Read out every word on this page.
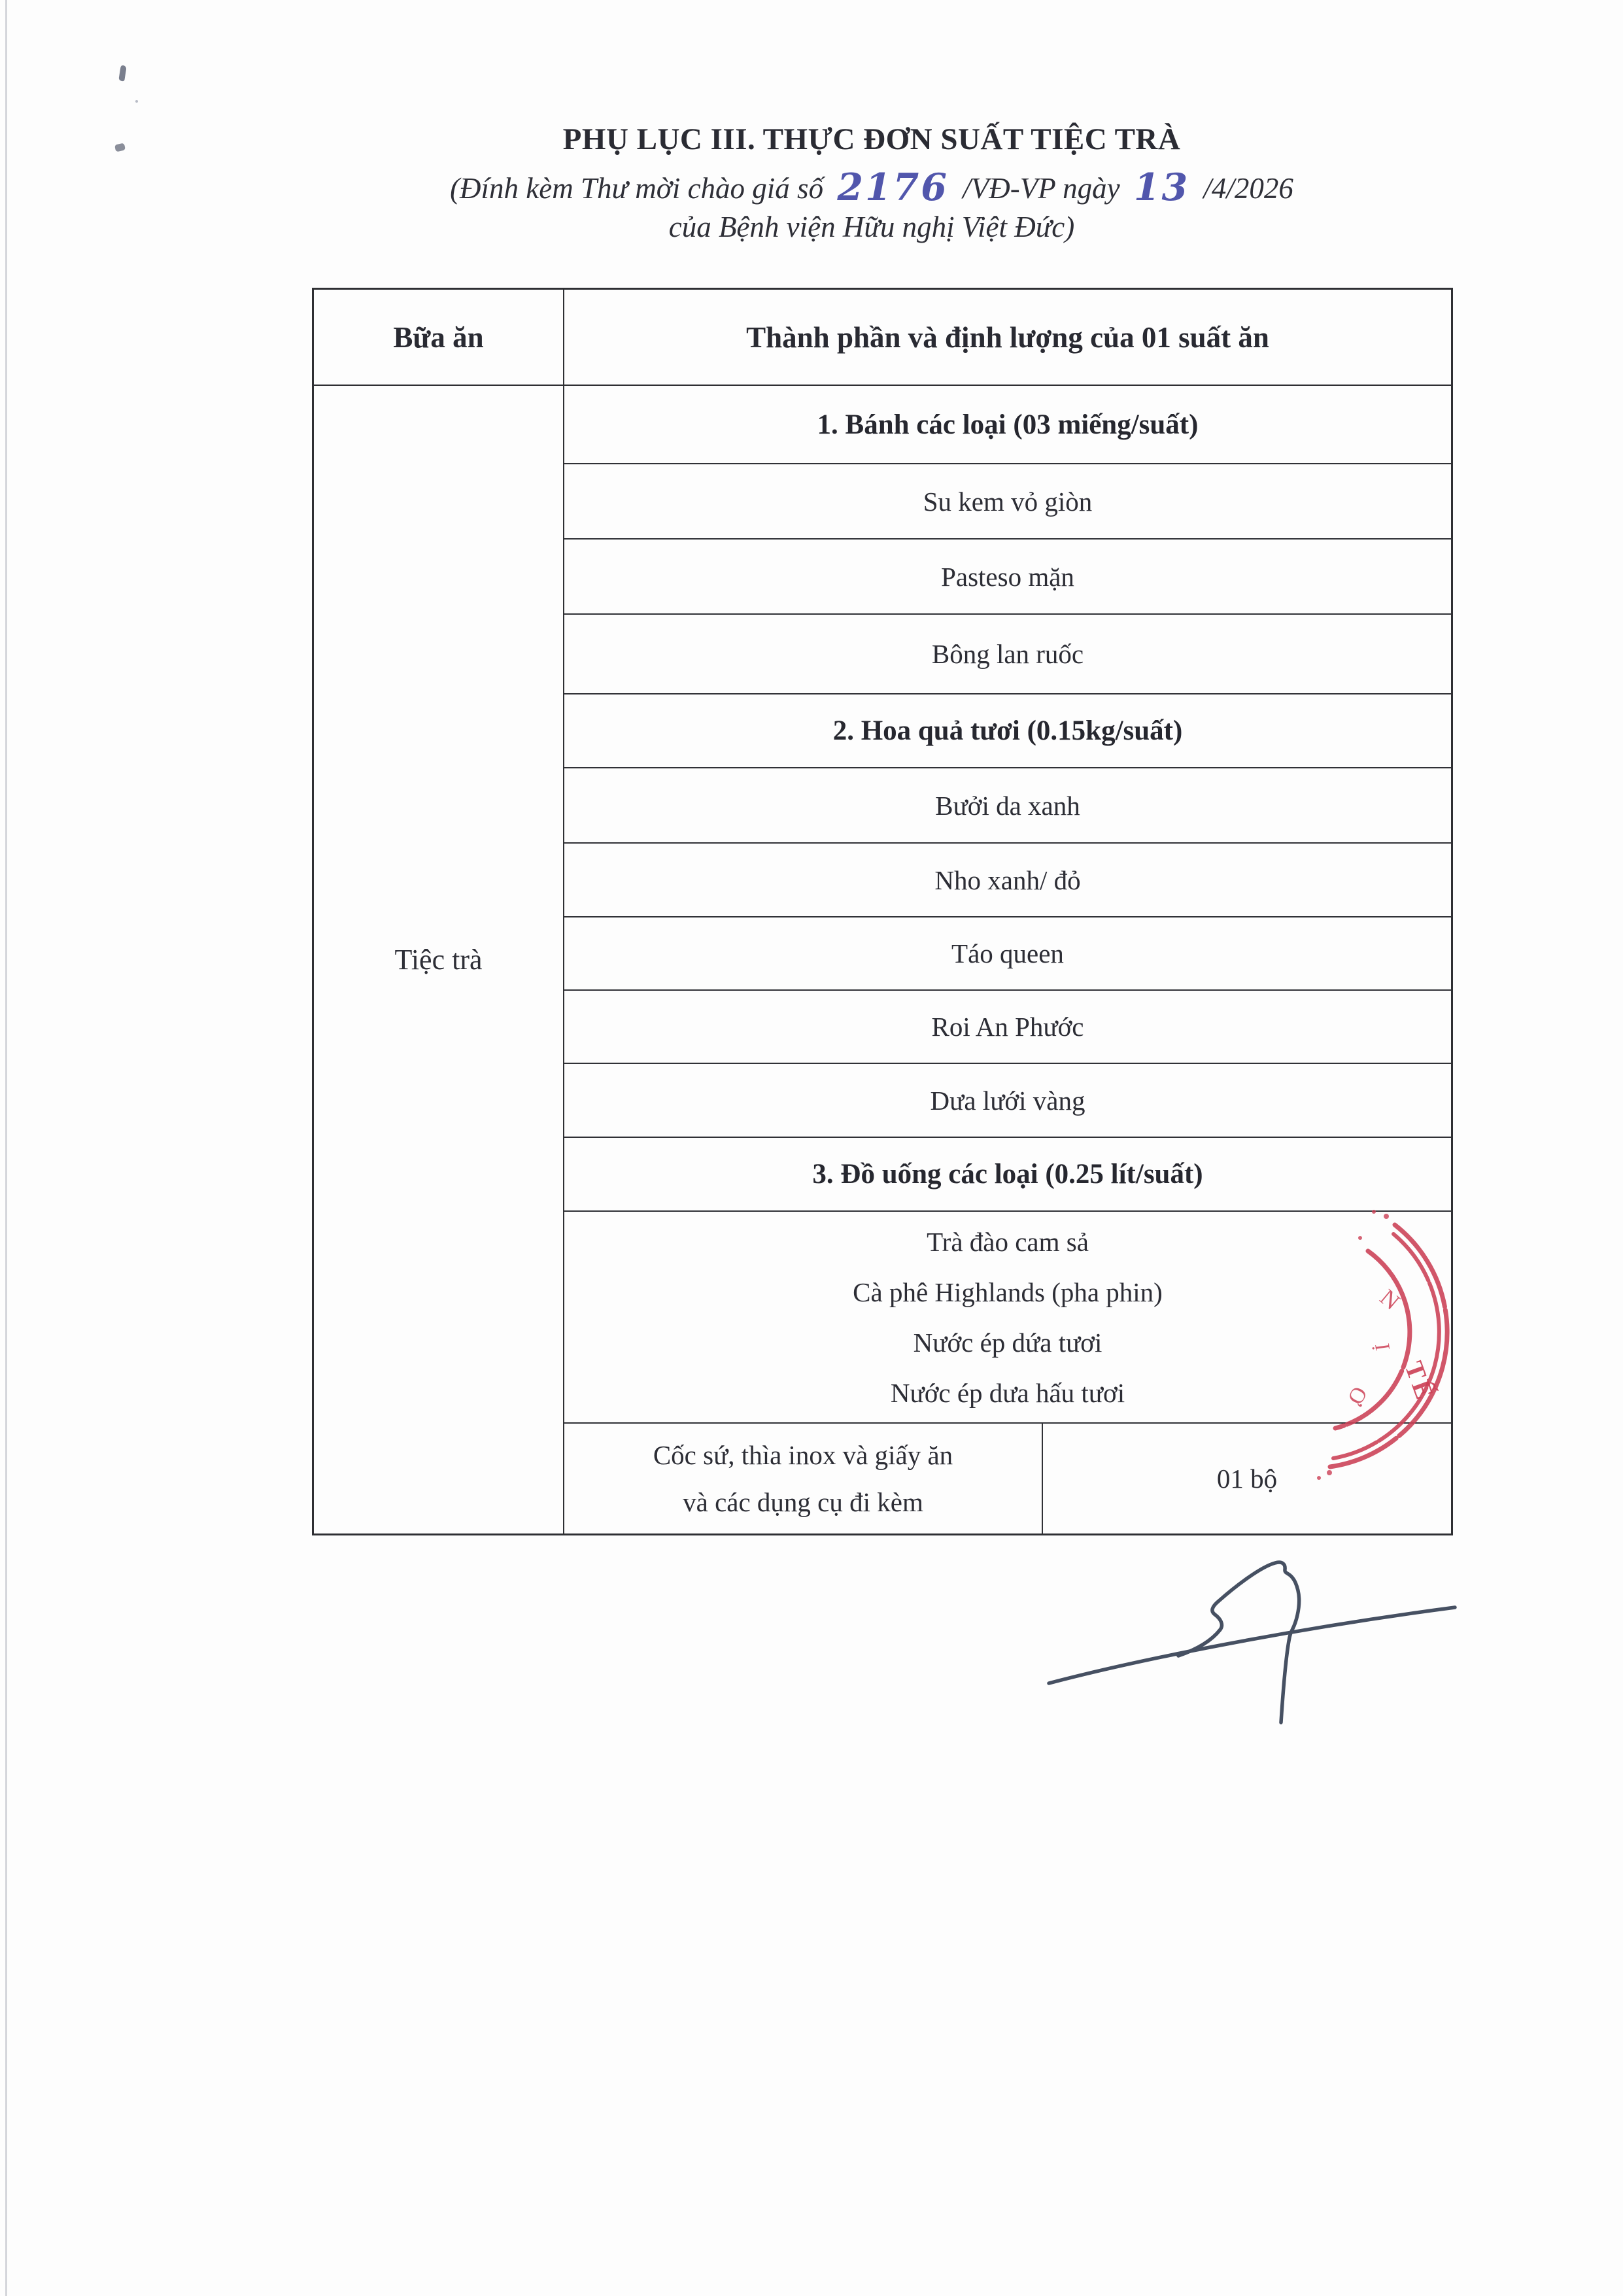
PHỤ LỤC III. THỰC ĐƠN SUẤT TIỆC TRÀ
(Đính kèm Thư mời chào giá số 2176 /VĐ-VP ngày 13 /4/2026
của Bệnh viện Hữu nghị Việt Đức)
Bữa ăn
Tiệc trà
Thành phần và định lượng của 01 suất ăn
1. Bánh các loại (03 miếng/suất)
Su kem vỏ giòn
Pasteso mặn
Bông lan ruốc
2. Hoa quả tươi (0.15kg/suất)
Bưởi da xanh
Nho xanh/ đỏ
Táo queen
Roi An Phước
Dưa lưới vàng
3. Đồ uống các loại (0.25 lít/suất)
Trà đào cam sả
Cà phê Highlands (pha phin)
Nước ép dứa tươi
Nước ép dưa hấu tươi
Cốc sứ, thìa inox và giấy ăn
và các dụng cụ đi kèm
01 bộ
N
Ị
Ơ TẾ
